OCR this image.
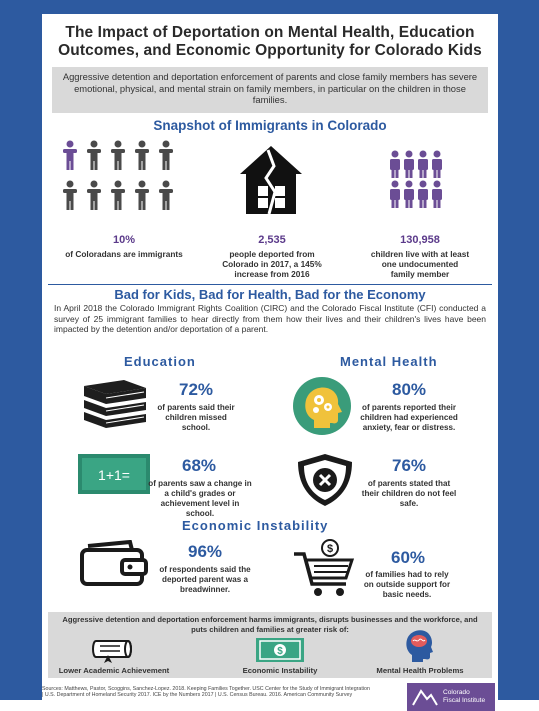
The Impact of Deportation on Mental Health, Education Outcomes, and Economic Opportunity for Colorado Kids

Aggressive detention and deportation enforcement of parents and close family members has severe emotional, physical, and mental strain on family members, in particular on the children in those families.

Snapshot of Immigrants in Colorado
10%
of Coloradans are immigrants
2,535
people deported from Colorado in 2017, a 145% increase from 2016
130,958
children live with at least one undocumented family member
Bad for Kids, Bad for Health, Bad for the Economy
In April 2018 the Colorado Immigrant Rights Coalition (CIRC) and the Colorado Fiscal Institute (CFI) conducted a survey of 25 immigrant families to hear directly from them how their lives and their children's lives have been impacted by the detention and/or deportation of a parent.
Education	Mental Health
72%
of parents said their children missed school.
80%
of parents reported their children had experienced anxiety, fear or distress.
1+1=	68%
of parents saw a change in a child's grades or achievement level in school.
76%
of parents stated that their children do not feel safe.
Economic Instability
96%
of respondents said the deported parent was a breadwinner.
$	60%
of families had to rely on outside support for basic needs.

Aggressive detention and deportation enforcement harms immigrants, disrupts businesses and the workforce, and puts children and families at greater risk of:

Lower Academic Achievement
$
Economic Instability	Mental Health Problems
Sources: Matthews, Pastor, Scoggins, Sanchez-Lopez. 2018. Keeping Families Together. USC Center for the Study of Immigrant Integration | U.S. Department of Homeland Security 2017. ICE by the Numbers 2017 | U.S. Census Bureau. 2016. American Community Survey	Colorado
Fiscal Institute
